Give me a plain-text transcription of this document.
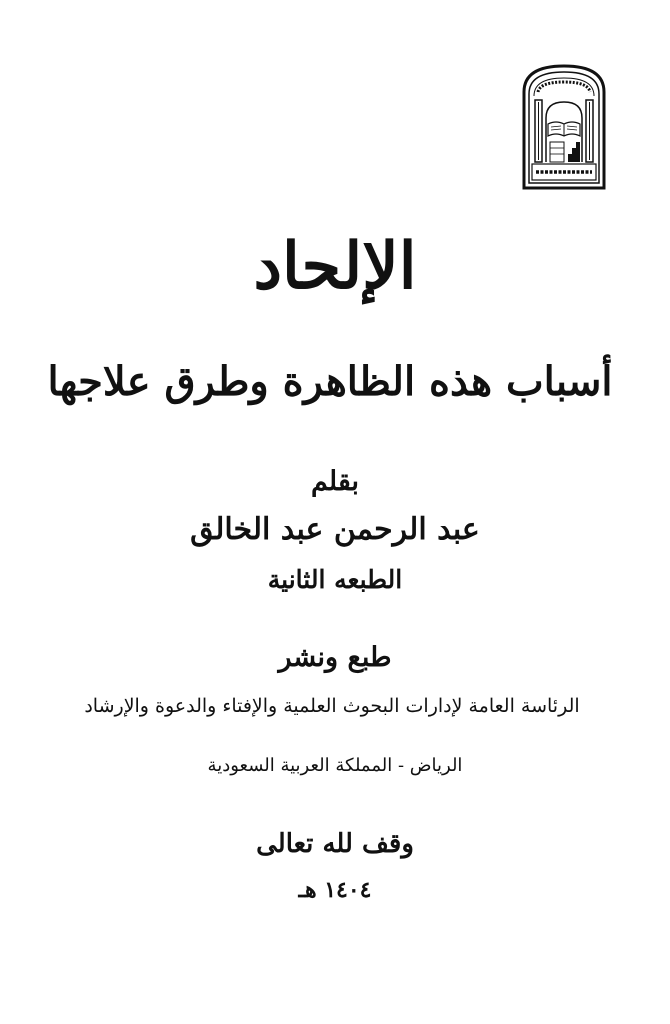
الإلحاد
أسباب هذه الظاهرة وطرق علاجها
بقلم
عبد الرحمن عبد الخالق
الطبعه الثانية
طبع ونشر
الرئاسة العامة لإدارات البحوث العلمية والإفتاء والدعوة والإرشاد
الرياض - المملكة العربية السعودية
وقف لله تعالى
١٤٠٤ هـ
